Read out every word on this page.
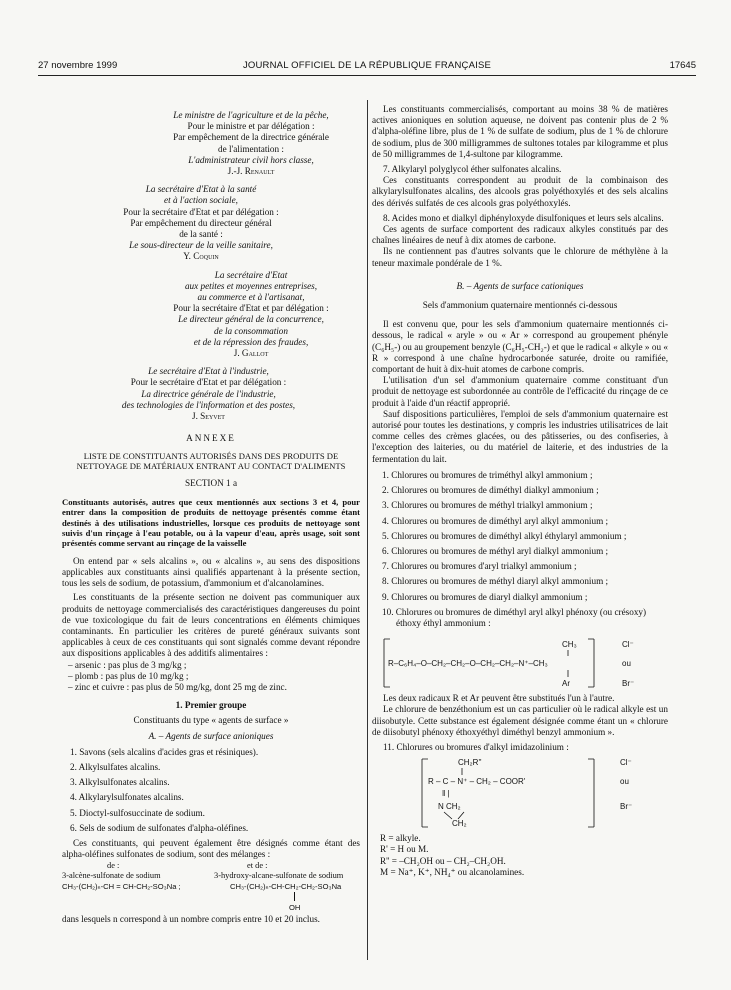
27 novembre 1999	JOURNAL OFFICIEL DE LA RÉPUBLIQUE FRANÇAISE	17645
Le ministre de l'agriculture et de la pêche,
Pour le ministre et par délégation :
Par empêchement de la directrice générale
de l'alimentation :
L'administrateur civil hors classe,
J.-J. Renault
La secrétaire d'Etat à la santé
et à l'action sociale,
Pour la secrétaire d'Etat et par délégation :
Par empêchement du directeur général
de la santé :
Le sous-directeur de la veille sanitaire,
Y. Coquin
La secrétaire d'Etat
aux petites et moyennes entreprises,
au commerce et à l'artisanat,
Pour la secrétaire d'Etat et par délégation :
Le directeur général de la concurrence,
de la consommation
et de la répression des fraudes,
J. Gallot
Le secrétaire d'Etat à l'industrie,
Pour le secrétaire d'Etat et par délégation :
La directrice générale de l'industrie,
des technologies de l'information et des postes,
J. Seyvet
ANNEXE
LISTE DE CONSTITUANTS AUTORISÉS DANS DES PRODUITS DE NETTOYAGE DE MATÉRIAUX ENTRANT AU CONTACT D'ALIMENTS
SECTION 1 a
Constituants autorisés, autres que ceux mentionnés aux sections 3 et 4, pour entrer dans la composition de produits de nettoyage présentés comme étant destinés à des utilisations industrielles, lorsque ces produits de nettoyage sont suivis d'un rinçage à l'eau potable, ou à la vapeur d'eau, après usage, soit sont présentés comme servant au rinçage de la vaisselle
On entend par « sels alcalins », ou « alcalins », au sens des dispositions applicables aux constituants ainsi qualifiés appartenant à la présente section, tous les sels de sodium, de potassium, d'ammonium et d'alcanolamines.
Les constituants de la présente section ne doivent pas communiquer aux produits de nettoyage commercialisés des caractéristiques dangereuses du point de vue toxicologique du fait de leurs concentrations en éléments chimiques contaminants. En particulier les critères de pureté généraux suivants sont applicables à ceux de ces constituants qui sont signalés comme devant répondre aux dispositions applicables à des additifs alimentaires :
– arsenic : pas plus de 3 mg/kg ;
– plomb : pas plus de 10 mg/kg ;
– zinc et cuivre : pas plus de 50 mg/kg, dont 25 mg de zinc.
1. Premier groupe
Constituants du type « agents de surface »
A. – Agents de surface anioniques
1. Savons (sels alcalins d'acides gras et résiniques).
2. Alkylsulfates alcalins.
3. Alkylsulfonates alcalins.
4. Alkylarylsulfonates alcalins.
5. Dioctyl-sulfosuccinate de sodium.
6. Sels de sodium de sulfonates d'alpha-oléfines.
Ces constituants, qui peuvent également être désignés comme étant des alpha-oléfines sulfonates de sodium, sont des mélanges :
de :	et de :
3-alcène-sulfonate de sodium	3-hydroxy-alcane-sulfonate de sodium
CH₃-(CH₂)ₙ-CH = CH-CH₂-SO₃Na ;	CH₃-(CH₂)ₙ-CH-CH₂-CH₂-SO₃Na
OH
dans lesquels n correspond à un nombre compris entre 10 et 20 inclus.
Les constituants commercialisés, comportant au moins 38 % de matières actives anioniques en solution aqueuse, ne doivent pas contenir plus de 2 % d'alpha-oléfine libre, plus de 1 % de sulfate de sodium, plus de 1 % de chlorure de sodium, plus de 300 milligrammes de sultones totales par kilogramme et plus de 50 milligrammes de 1,4-sultone par kilogramme.
7. Alkylaryl polyglycol éther sulfonates alcalins.
Ces constituants correspondent au produit de la combinaison des alkylarylsulfonates alcalins, des alcools gras polyéthoxylés et des sels alcalins des dérivés sulfatés de ces alcools gras polyéthoxylés.
8. Acides mono et dialkyl diphényloxyde disulfoniques et leurs sels alcalins.
Ces agents de surface comportent des radicaux alkyles constitués par des chaînes linéaires de neuf à dix atomes de carbone.
Ils ne contiennent pas d'autres solvants que le chlorure de méthylène à la teneur maximale pondérale de 1 %.
B. – Agents de surface cationiques
Sels d'ammonium quaternaire mentionnés ci-dessous
Il est convenu que, pour les sels d'ammonium quaternaire mentionnés ci-dessous, le radical « aryle » ou « Ar » correspond au groupement phényle (C₆H₅-) ou au groupement benzyle (C₆H₅-CH₂-) et que le radical « alkyle » ou « R » correspond à une chaîne hydrocarbonée saturée, droite ou ramifiée, comportant de huit à dix-huit atomes de carbone compris.
L'utilisation d'un sel d'ammonium quaternaire comme constituant d'un produit de nettoyage est subordonnée au contrôle de l'efficacité du rinçage de ce produit à l'aide d'un réactif approprié.
Sauf dispositions particulières, l'emploi de sels d'ammonium quaternaire est autorisé pour toutes les destinations, y compris les industries utilisatrices de lait comme celles des crèmes glacées, ou des pâtisseries, ou des confiseries, à l'exception des laiteries, ou du matériel de laiterie, et des industries de la fermentation du lait.
1. Chlorures ou bromures de triméthyl alkyl ammonium ;
2. Chlorures ou bromures de diméthyl dialkyl ammonium ;
3. Chlorures ou bromures de méthyl trialkyl ammonium ;
4. Chlorures ou bromures de diméthyl aryl alkyl ammonium ;
5. Chlorures ou bromures de diméthyl alkyl éthylaryl ammonium ;
6. Chlorures ou bromures de méthyl aryl dialkyl ammonium ;
7. Chlorures ou bromures d'aryl trialkyl ammonium ;
8. Chlorures ou bromures de méthyl diaryl alkyl ammonium ;
9. Chlorures ou bromures de diaryl dialkyl ammonium ;
10. Chlorures ou bromures de diméthyl aryl alkyl phénoxy (ou crésoxy) éthoxy éthyl ammonium :
CH₃
R–C₆H₄–O–CH₂–CH₂–O–CH₂–CH₂–N⁺–CH₃
Ar
Cl⁻
ou
Br⁻
Les deux radicaux R et Ar peuvent être substitués l'un à l'autre.
Le chlorure de benzéthonium est un cas particulier où le radical alkyle est un diisobutyle. Cette substance est également désignée comme étant un « chlorure de diisobutyl phénoxy éthoxyéthyl diméthyl benzyl ammonium ».
11. Chlorures ou bromures d'alkyl imidazolinium :
CH₂R''
R – C – N⁺ – CH₂ – COOR'
‖ |
N CH₂
CH₂
Cl⁻
ou
Br⁻
R = alkyle.
R' = H ou M.
R'' = –CH₂OH ou – CH₂–CH₂OH.
M = Na⁺, K⁺, NH₄⁺ ou alcanolamines.
